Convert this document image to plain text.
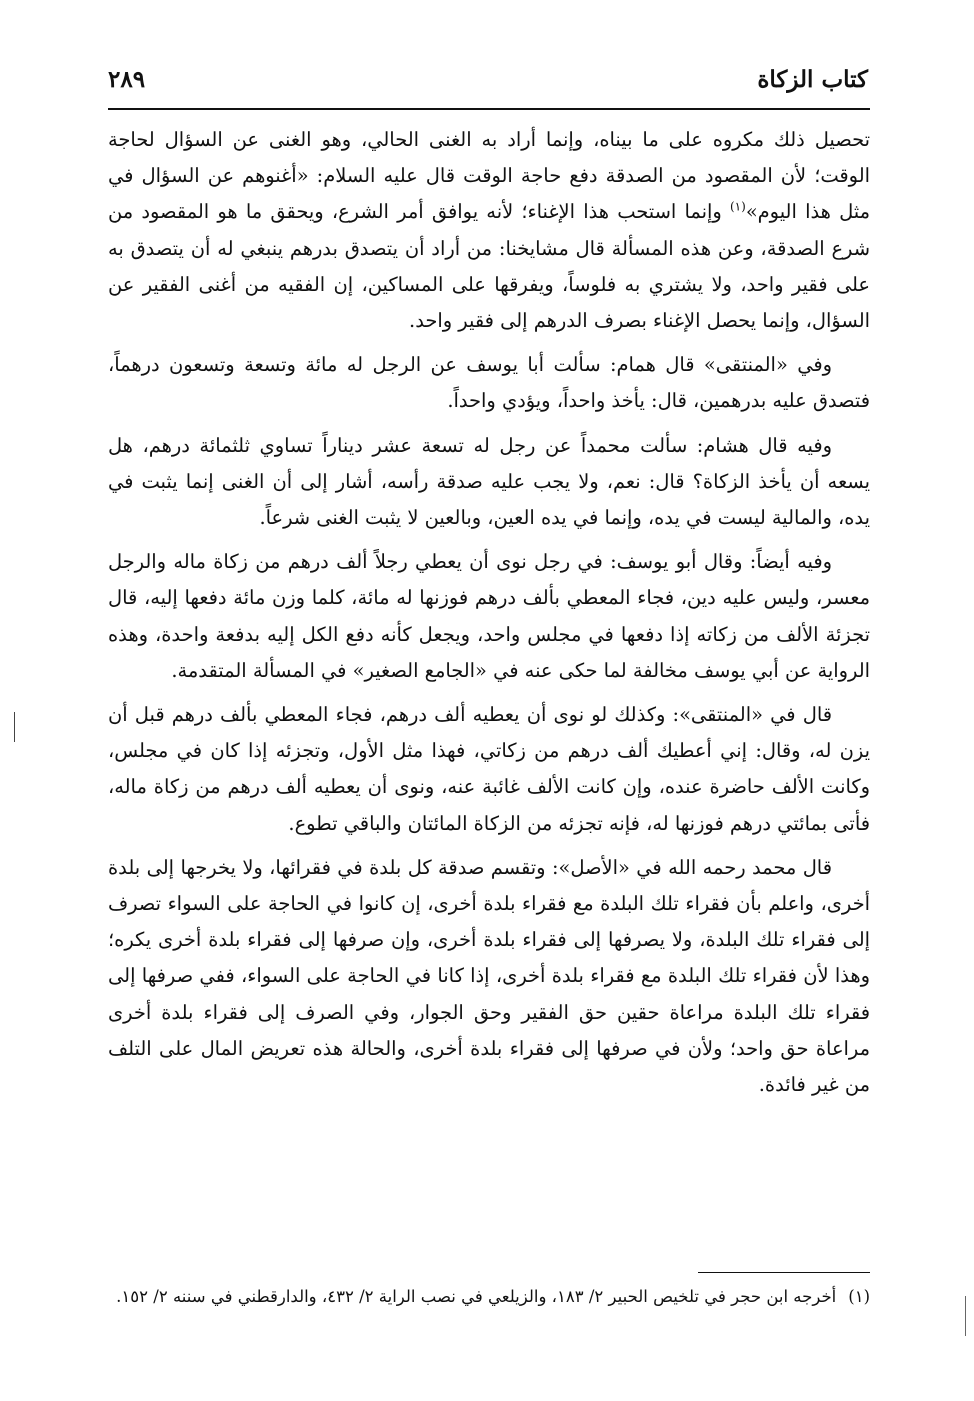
كتاب الزكاة
٢٨٩

تحصيل ذلك مكروه على ما بيناه، وإنما أراد به الغنى الحالي، وهو الغنى عن السؤال لحاجة الوقت؛ لأن المقصود من الصدقة دفع حاجة الوقت قال عليه السلام: «أغنوهم عن السؤال في مثل هذا اليوم»$^{(١)}$ وإنما استحب هذا الإغناء؛ لأنه يوافق أمر الشرع، ويحقق ما هو المقصود من شرع الصدقة، وعن هذه المسألة قال مشايخنا: من أراد أن يتصدق بدرهم ينبغي له أن يتصدق به على فقير واحد، ولا يشتري به فلوساً، ويفرقها على المساكين، إن الفقيه من أغنى الفقير عن السؤال، وإنما يحصل الإغناء بصرف الدرهم إلى فقير واحد.

وفي «المنتقى» قال همام: سألت أبا يوسف عن الرجل له مائة وتسعة وتسعون درهماً، فتصدق عليه بدرهمين، قال: يأخذ واحداً، ويؤدي واحداً.

وفيه قال هشام: سألت محمداً عن رجل له تسعة عشر ديناراً تساوي ثلثمائة درهم، هل يسعه أن يأخذ الزكاة؟ قال: نعم، ولا يجب عليه صدقة رأسه، أشار إلى أن الغنى إنما يثبت في يده، والمالية ليست في يده، وإنما في يده العين، وبالعين لا يثبت الغنى شرعاً.

وفيه أيضاً: وقال أبو يوسف: في رجل نوى أن يعطي رجلاً ألف درهم من زكاة ماله والرجل معسر، وليس عليه دين، فجاء المعطي بألف درهم فوزنها له مائة، كلما وزن مائة دفعها إليه، قال تجزئة الألف من زكاته إذا دفعها في مجلس واحد، ويجعل كأنه دفع الكل إليه بدفعة واحدة، وهذه الرواية عن أبي يوسف مخالفة لما حكى عنه في «الجامع الصغير» في المسألة المتقدمة.

قال في «المنتقى»: وكذلك لو نوى أن يعطيه ألف درهم، فجاء المعطي بألف درهم قبل أن يزن له، وقال: إني أعطيك ألف درهم من زكاتي، فهذا مثل الأول، وتجزئه إذا كان في مجلس، وكانت الألف حاضرة عنده، وإن كانت الألف غائبة عنه، ونوى أن يعطيه ألف درهم من زكاة ماله، فأتى بمائتي درهم فوزنها له، فإنه تجزئه من الزكاة المائتان والباقي تطوع.

قال محمد رحمه الله في «الأصل»: وتقسم صدقة كل بلدة في فقرائها، ولا يخرجها إلى بلدة أخرى، واعلم بأن فقراء تلك البلدة مع فقراء بلدة أخرى، إن كانوا في الحاجة على السواء تصرف إلى فقراء تلك البلدة، ولا يصرفها إلى فقراء بلدة أخرى، وإن صرفها إلى فقراء بلدة أخرى يكره؛ وهذا لأن فقراء تلك البلدة مع فقراء بلدة أخرى، إذا كانا في الحاجة على السواء، ففي صرفها إلى فقراء تلك البلدة مراعاة حقين حق الفقير وحق الجوار، وفي الصرف إلى فقراء بلدة أخرى مراعاة حق واحد؛ ولأن في صرفها إلى فقراء بلدة أخرى، والحالة هذه تعريض المال على التلف من غير فائدة.

(١)أخرجه ابن حجر في تلخيص الحبير ٢/ ١٨٣، والزيلعي في نصب الراية ٢/ ٤٣٢، والدارقطني في سننه ٢/ ١٥٢.
